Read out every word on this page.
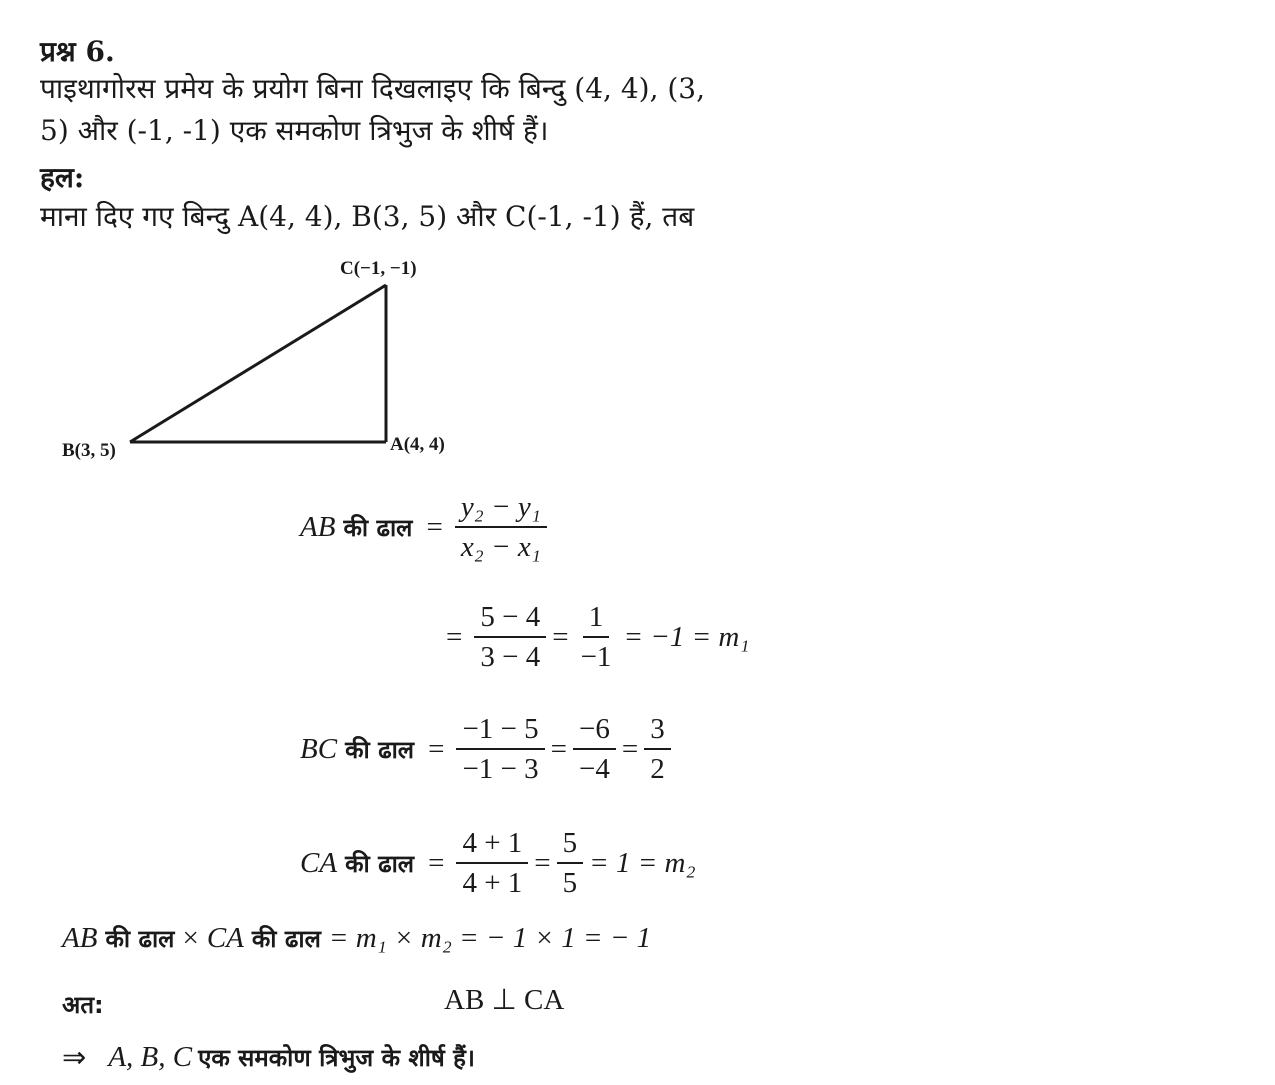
प्रश्न 6.
पाइथागोरस प्रमेय के प्रयोग बिना दिखलाइए कि बिन्दु (4, 4), (3,
5) और (-1, -1) एक समकोण त्रिभुज के शीर्ष हैं।
हल:
माना दिए गए बिन्दु A(4, 4), B(3, 5) और C(-1, -1) हैं, तब
C(−1, −1)
B(3, 5)	A(4, 4)
AB की ढाल = $\frac{\text{y₂ − y₁}}{\text{x₂ − x₁}}$
= $\frac{5 - 4}{3 - 4} = \frac{1}{-1} = -1 = m_1$
BC की ढाल = $\frac{-1 - 5}{-1 - 3} = \frac{-6}{-4} = \frac{3}{2}$
CA की ढाल = $\frac{4 + 1}{4 + 1} = \frac{5}{5} = 1 = m_2$
AB की ढाल × CA की ढाल = m₁ × m₂ = − 1 × 1 = − 1
अत:	AB ⊥ CA
⇒ A, B, C एक समकोण त्रिभुज के शीर्ष हैं।
